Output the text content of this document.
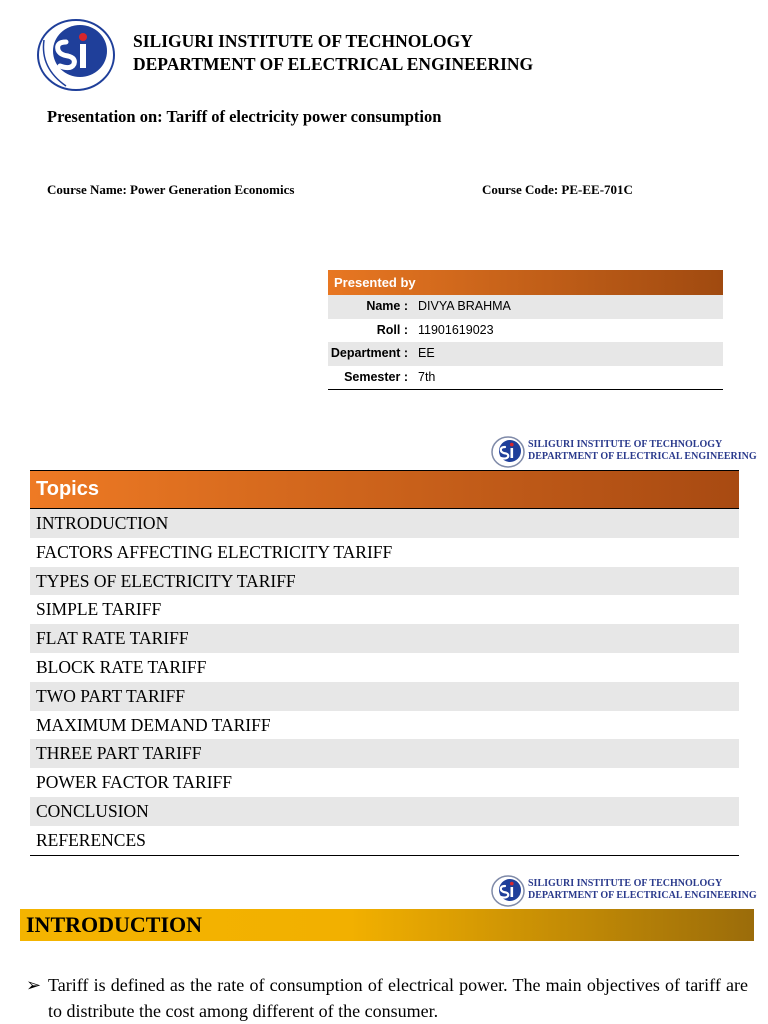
SILIGURI INSTITUTE OF TECHNOLOGY
DEPARTMENT OF ELECTRICAL ENGINEERING
Presentation on: Tariff of electricity power consumption
Course Name: Power Generation Economics	Course Code: PE-EE-701C
Presented by
Name : DIVYA BRAHMA
Roll : 11901619023
Department : EE
Semester : 7th
SILIGURI INSTITUTE OF TECHNOLOGY
DEPARTMENT OF ELECTRICAL ENGINEERING
Topics
INTRODUCTION
FACTORS AFFECTING ELECTRICITY TARIFF
TYPES OF ELECTRICITY TARIFF
SIMPLE TARIFF
FLAT RATE TARIFF
BLOCK RATE TARIFF
TWO PART TARIFF
MAXIMUM DEMAND TARIFF
THREE PART TARIFF
POWER FACTOR TARIFF
CONCLUSION
REFERENCES
SILIGURI INSTITUTE OF TECHNOLOGY
DEPARTMENT OF ELECTRICAL ENGINEERING
INTRODUCTION
➢ Tariff is defined as the rate of consumption of electrical power. The main objectives of tariff are to distribute the cost among different of the consumer.
